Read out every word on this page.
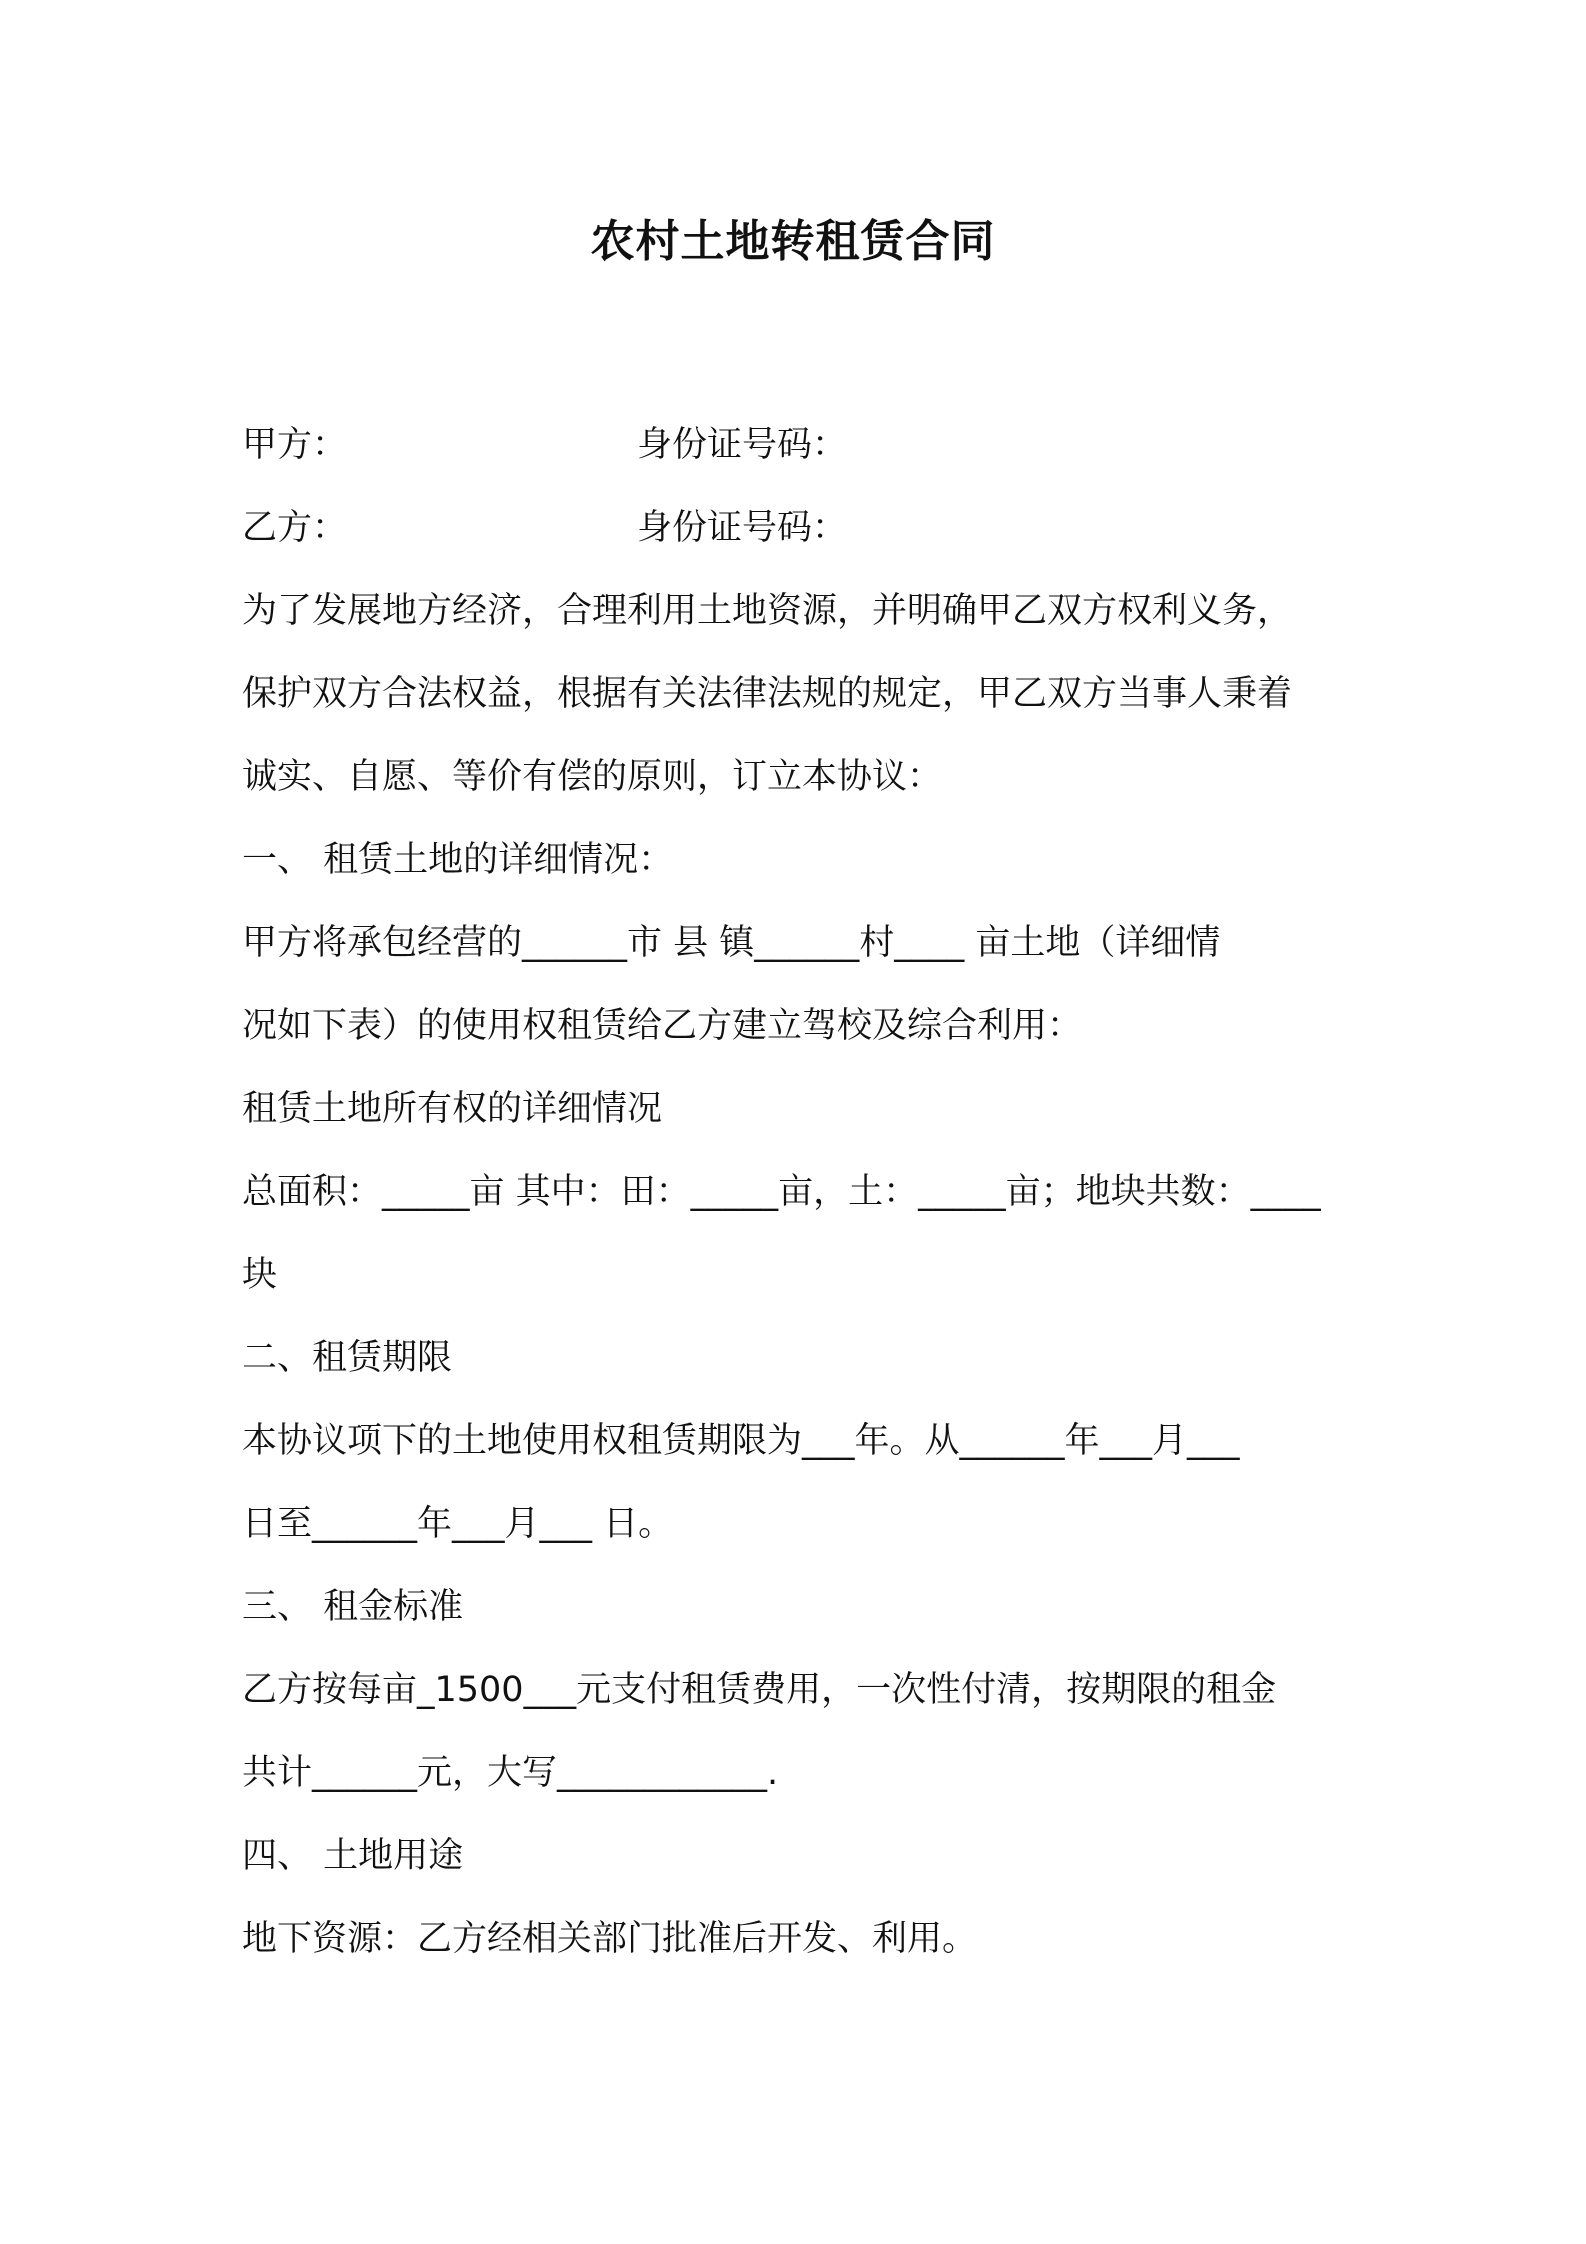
农村土地转租赁合同
甲方：	身份证号码：
乙方：	身份证号码：
为了发展地方经济，合理利用土地资源，并明确甲乙双方权利义务，
保护双方合法权益，根据有关法律法规的规定，甲乙双方当事人秉着
诚实、自愿、等价有偿的原则，订立本协议：
一、 租赁土地的详细情况：
甲方将承包经营的______市 县 镇______村____ 亩土地（详细情
况如下表）的使用权租赁给乙方建立驾校及综合利用：
租赁土地所有权的详细情况
总面积：_____亩 其中：田：_____亩，土：_____亩；地块共数：____
块
二、租赁期限
本协议项下的土地使用权租赁期限为___年。从______年___月___
日至______年___月___ 日。
三、 租金标准
乙方按每亩_1500___元支付租赁费用，一次性付清，按期限的租金
共计______元，大写____________.
四、 土地用途
地下资源：乙方经相关部门批准后开发、利用。
